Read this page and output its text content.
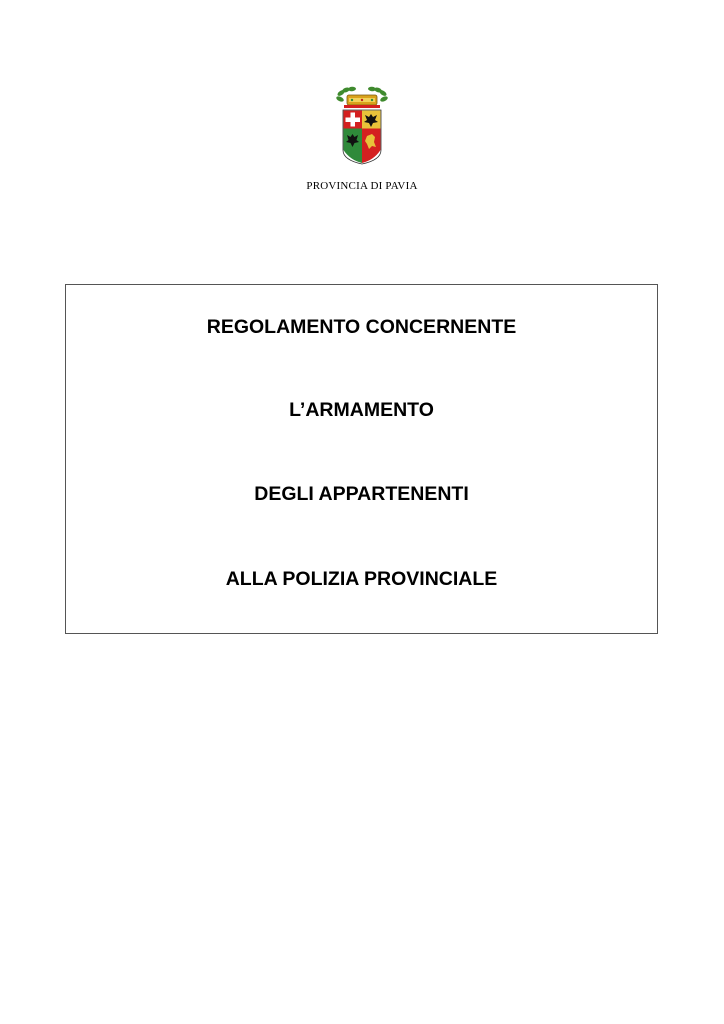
PROVINCIA DI PAVIA
REGOLAMENTO CONCERNENTE
L’ARMAMENTO
DEGLI APPARTENENTI
ALLA POLIZIA PROVINCIALE
